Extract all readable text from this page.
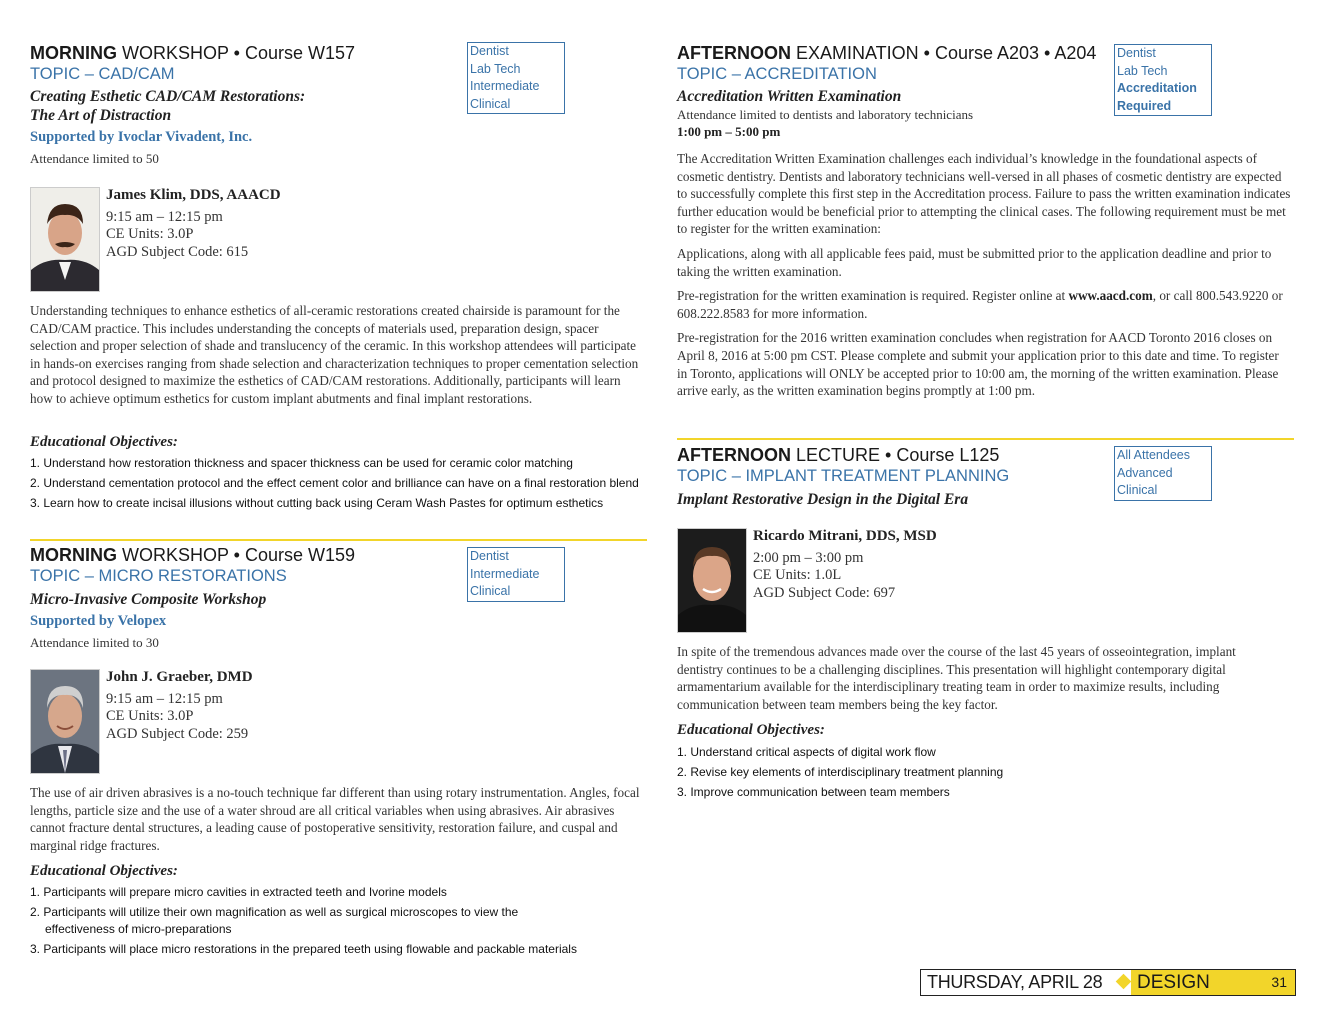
MORNING WORKSHOP • Course W157
TOPIC – CAD/CAM
Creating Esthetic CAD/CAM Restorations:
The Art of Distraction
Supported by Ivoclar Vivadent, Inc.
Attendance limited to 50
Dentist
Lab Tech
Intermediate
Clinical
James Klim, DDS, AAACD
9:15 am – 12:15 pm
CE Units: 3.0P
AGD Subject Code: 615

Understanding techniques to enhance esthetics of all-ceramic restorations created chairside is paramount for the CAD/CAM practice. This includes understanding the concepts of materials used, preparation design, spacer selection and proper selection of shade and translucency of the ceramic. In this workshop attendees will participate in hands-on exercises ranging from shade selection and characterization techniques to proper cementation selection and protocol designed to maximize the esthetics of CAD/CAM restorations. Additionally, participants will learn how to achieve optimum esthetics for custom implant abutments and final implant restorations.

Educational Objectives:
1. Understand how restoration thickness and spacer thickness can be used for ceramic color matching
2. Understand cementation protocol and the effect cement color and brilliance can have on a final restoration blend
3. Learn how to create incisal illusions without cutting back using Ceram Wash Pastes for optimum esthetics
MORNING WORKSHOP • Course W159
TOPIC – MICRO RESTORATIONS
Micro-Invasive Composite Workshop
Supported by Velopex
Attendance limited to 30
Dentist
Intermediate
Clinical
John J. Graeber, DMD
9:15 am – 12:15 pm
CE Units: 3.0P
AGD Subject Code: 259

The use of air driven abrasives is a no-touch technique far different than using rotary instrumentation. Angles, focal lengths, particle size and the use of a water shroud are all critical variables when using abrasives. Air abrasives cannot fracture dental structures, a leading cause of postoperative sensitivity, restoration failure, and cuspal and marginal ridge fractures.

Educational Objectives:
1. Participants will prepare micro cavities in extracted teeth and Ivorine models
2. Participants will utilize their own magnification as well as surgical microscopes to view the effectiveness of micro-preparations
3. Participants will place micro restorations in the prepared teeth using flowable and packable materials
AFTERNOON EXAMINATION • Course A203 • A204
TOPIC – ACCREDITATION
Accreditation Written Examination
Attendance limited to dentists and laboratory technicians
1:00 pm – 5:00 pm
Dentist
Lab Tech
Accreditation
Required

The Accreditation Written Examination challenges each individual’s knowledge in the foundational aspects of cosmetic dentistry. Dentists and laboratory technicians well-versed in all phases of cosmetic dentistry are expected to successfully complete this first step in the Accreditation process. Failure to pass the written examination indicates further education would be beneficial prior to attempting the clinical cases. The following requirement must be met to register for the written examination:

Applications, along with all applicable fees paid, must be submitted prior to the application deadline and prior to taking the written examination.

Pre-registration for the written examination is required. Register online at www.aacd.com, or call 800.543.9220 or 608.222.8583 for more information.

Pre-registration for the 2016 written examination concludes when registration for AACD Toronto 2016 closes on April 8, 2016 at 5:00 pm CST. Please complete and submit your application prior to this date and time. To register in Toronto, applications will ONLY be accepted prior to 10:00 am, the morning of the written examination. Please arrive early, as the written examination begins promptly at 1:00 pm.

AFTERNOON LECTURE • Course L125
TOPIC – IMPLANT TREATMENT PLANNING
Implant Restorative Design in the Digital Era
All Attendees
Advanced
Clinical
Ricardo Mitrani, DDS, MSD
2:00 pm – 3:00 pm
CE Units: 1.0L
AGD Subject Code: 697

In spite of the tremendous advances made over the course of the last 45 years of osseointegration, implant dentistry continues to be a challenging disciplines. This presentation will highlight contemporary digital armamentarium available for the interdisciplinary treating team in order to maximize results, including communication between team members being the key factor.

Educational Objectives:
1. Understand critical aspects of digital work flow
2. Revise key elements of interdisciplinary treatment planning
3. Improve communication between team members
THURSDAY, APRIL 28	DESIGN	31
